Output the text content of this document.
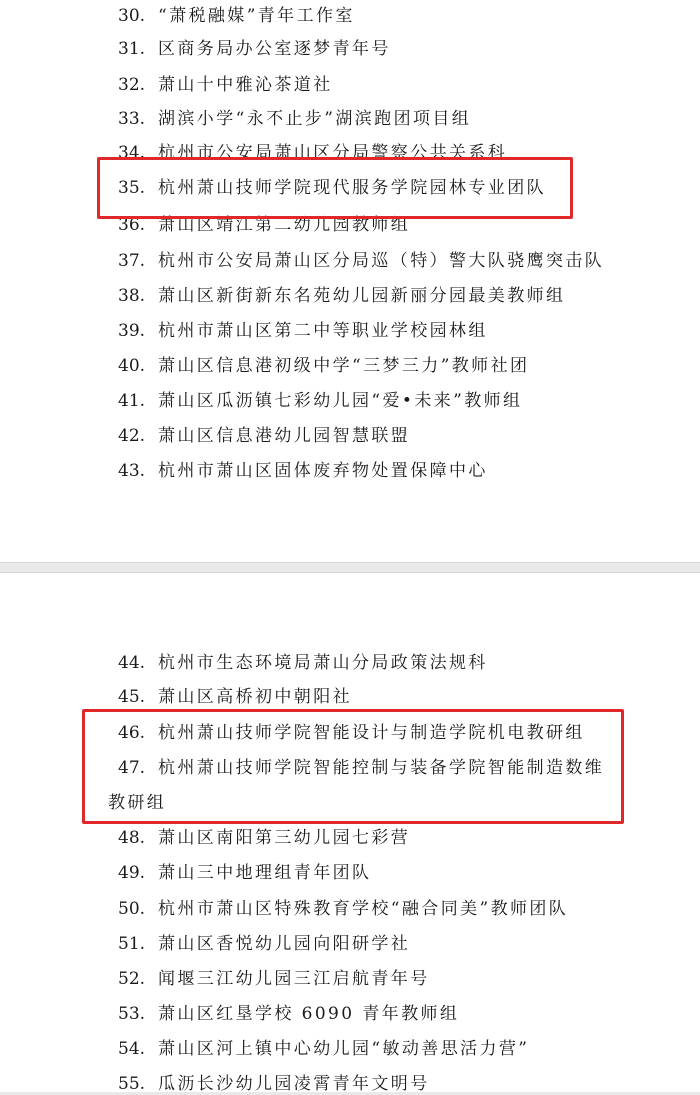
30. “萧税融媒”青年工作室
31. 区商务局办公室逐梦青年号
32. 萧山十中雅沁茶道社
33. 湖滨小学“永不止步”湖滨跑团项目组
34. 杭州市公安局萧山区分局警察公共关系科
35. 杭州萧山技师学院现代服务学院园林专业团队
36. 萧山区靖江第二幼儿园教师组
37. 杭州市公安局萧山区分局巡（特）警大队骁鹰突击队
38. 萧山区新街新东名苑幼儿园新丽分园最美教师组
39. 杭州市萧山区第二中等职业学校园林组
40. 萧山区信息港初级中学“三梦三力”教师社团
41. 萧山区瓜沥镇七彩幼儿园“爱•未来”教师组
42. 萧山区信息港幼儿园智慧联盟
43. 杭州市萧山区固体废弃物处置保障中心
44. 杭州市生态环境局萧山分局政策法规科
45. 萧山区高桥初中朝阳社
46. 杭州萧山技师学院智能设计与制造学院机电教研组
47. 杭州萧山技师学院智能控制与装备学院智能制造数维
教研组
48. 萧山区南阳第三幼儿园七彩营
49. 萧山三中地理组青年团队
50. 杭州市萧山区特殊教育学校“融合同美”教师团队
51. 萧山区香悦幼儿园向阳研学社
52. 闻堰三江幼儿园三江启航青年号
53. 萧山区红垦学校 6090 青年教师组
54. 萧山区河上镇中心幼儿园“敏动善思活力营”
55. 瓜沥长沙幼儿园凌霄青年文明号
